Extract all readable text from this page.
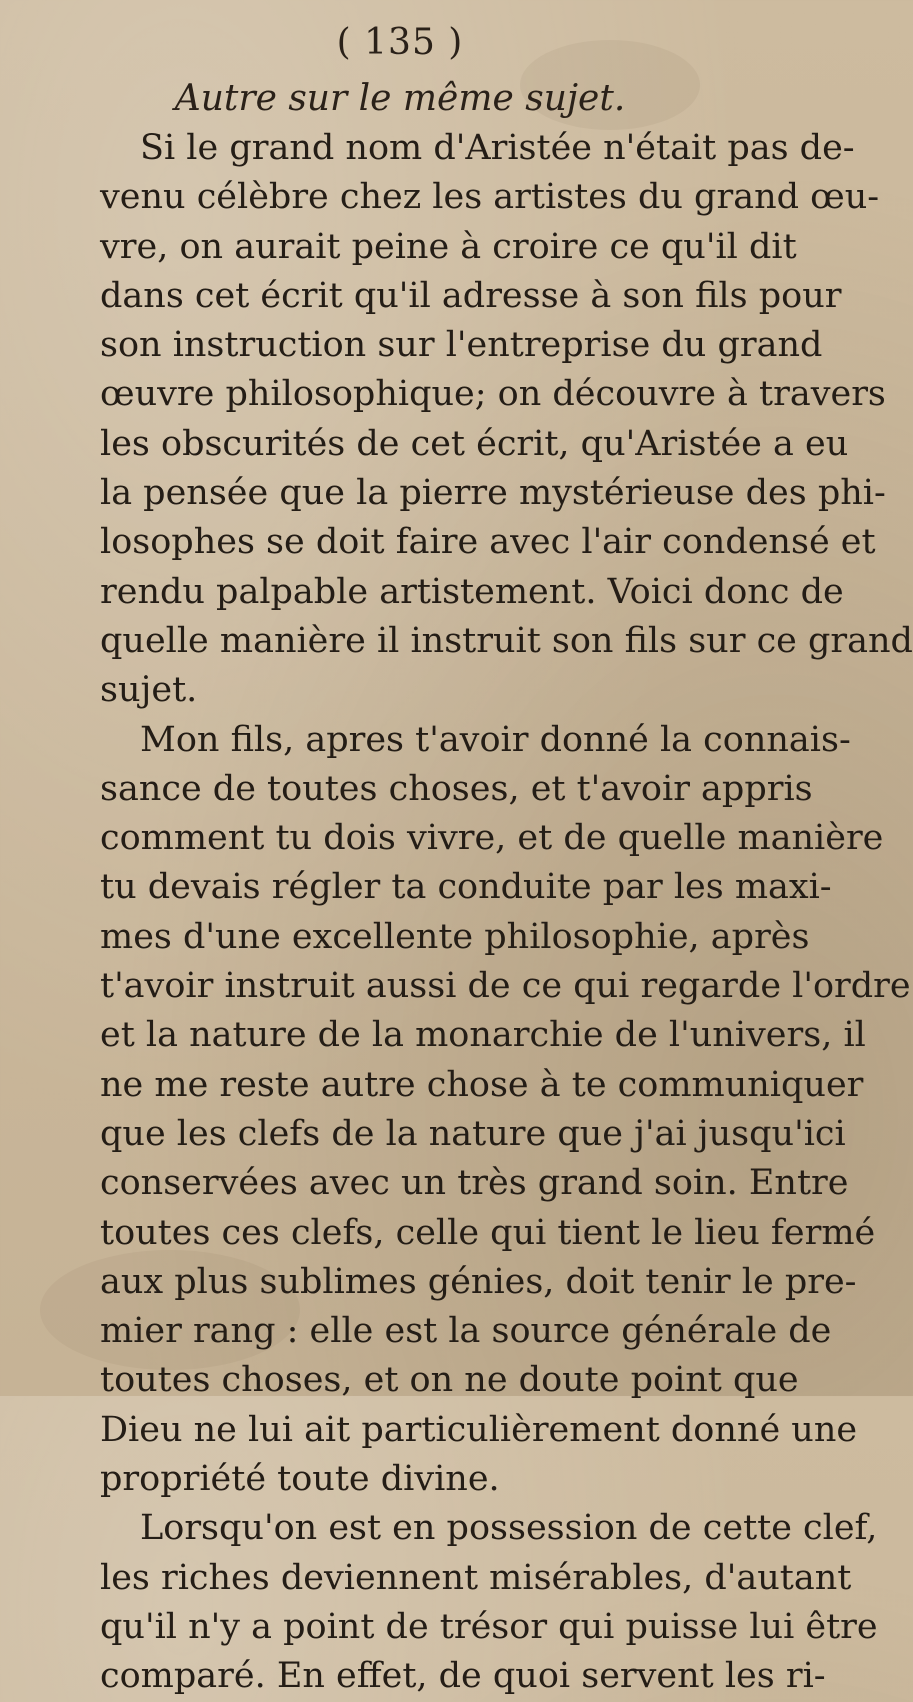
( 135 )
Autre sur le même sujet.
Si le grand nom d'Aristée n'était pas de-
venu célèbre chez les artistes du grand œu-
vre, on aurait peine à croire ce qu'il dit
dans cet écrit qu'il adresse à son fils pour
son instruction sur l'entreprise du grand
œuvre philosophique; on découvre à travers
les obscurités de cet écrit, qu'Aristée a eu
la pensée que la pierre mystérieuse des phi-
losophes se doit faire avec l'air condensé et
rendu palpable artistement. Voici donc de
quelle manière il instruit son fils sur ce grand
sujet.
Mon fils, apres t'avoir donné la connais-
sance de toutes choses, et t'avoir appris
comment tu dois vivre, et de quelle manière
tu devais régler ta conduite par les maxi-
mes d'une excellente philosophie, après
t'avoir instruit aussi de ce qui regarde l'ordre
et la nature de la monarchie de l'univers, il
ne me reste autre chose à te communiquer
que les clefs de la nature que j'ai jusqu'ici
conservées avec un très grand soin. Entre
toutes ces clefs, celle qui tient le lieu fermé
aux plus sublimes génies, doit tenir le pre-
mier rang : elle est la source générale de
toutes choses, et on ne doute point que
Dieu ne lui ait particulièrement donné une
propriété toute divine.
Lorsqu'on est en possession de cette clef,
les riches deviennent misérables, d'autant
qu'il n'y a point de trésor qui puisse lui être
comparé. En effet, de quoi servent les ri-
